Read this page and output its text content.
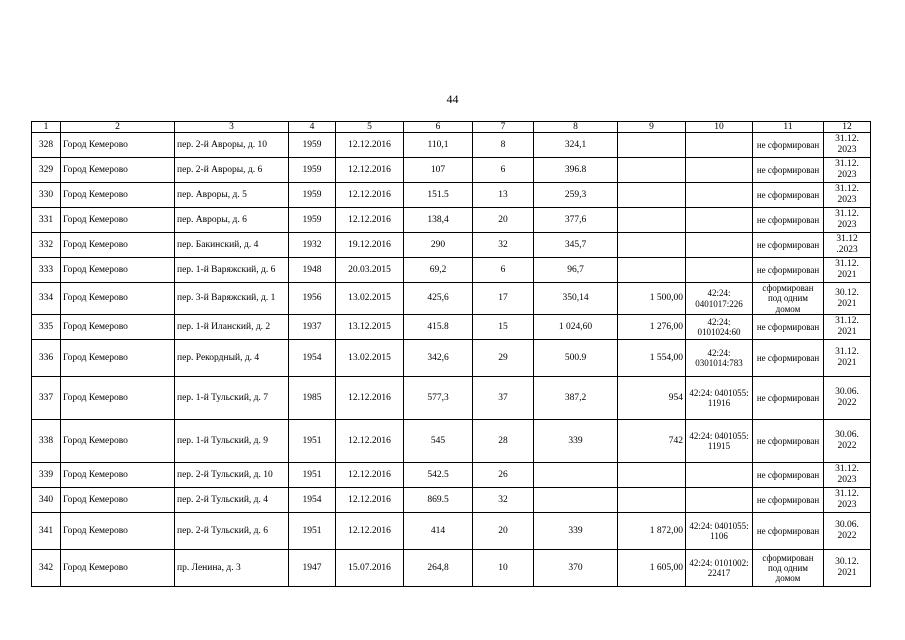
44
1	2	3	4	5	6	7	8	9	10	11	12
328	Город Кемерово	пер. 2-й Авроры, д. 10	1959	12.12.2016	110,1	8	324,1			не сформирован	31.12. 2023
329	Город Кемерово	пер. 2-й Авроры, д. 6	1959	12.12.2016	107	6	396.8			не сформирован	31.12. 2023
330	Город Кемерово	пер. Авроры, д. 5	1959	12.12.2016	151.5	13	259,3			не сформирован	31.12. 2023
331	Город Кемерово	пер. Авроры, д. 6	1959	12.12.2016	138,4	20	377,6			не сформирован	31.12. 2023
332	Город Кемерово	пер. Бакинский, д. 4	1932	19.12.2016	290	32	345,7			не сформирован	31.12 .2023
333	Город Кемерово	пер. 1-й Варяжский, д. 6	1948	20.03.2015	69,2	6	96,7			не сформирован	31.12. 2021
334	Город Кемерово	пер. 3-й Варяжский, д. 1	1956	13.02.2015	425,6	17	350,14	1 500,00	42:24: 0401017:226	сформирован под одним домом	30.12. 2021
335	Город Кемерово	пер. 1-й Иланский, д. 2	1937	13.12.2015	415.8	15	1 024,60	1 276,00	42:24: 0101024:60	не сформирован	31.12. 2021
336	Город Кемерово	пер. Рекордный, д. 4	1954	13.02.2015	342,6	29	500.9	1 554,00	42:24: 0301014:783	не сформирован	31.12. 2021
337	Город Кемерово	пер. 1-й Тульский, д. 7	1985	12.12.2016	577,3	37	387,2	954	42:24: 0401055: 11916	не сформирован	30.06. 2022
338	Город Кемерово	пер. 1-й Тульский, д. 9	1951	12.12.2016	545	28	339	742	42:24: 0401055: 11915	не сформирован	30.06. 2022
339	Город Кемерово	пер. 2-й Тульский, д. 10	1951	12.12.2016	542.5	26				не сформирован	31.12. 2023
340	Город Кемерово	пер. 2-й Тульский, д. 4	1954	12.12.2016	869.5	32				не сформирован	31.12. 2023
341	Город Кемерово	пер. 2-й Тульский, д. 6	1951	12.12.2016	414	20	339	1 872,00	42:24: 0401055: 1106	не сформирован	30.06. 2022
342	Город Кемерово	пр. Ленина, д. 3	1947	15.07.2016	264,8	10	370	1 605,00	42:24: 0101002: 22417	сформирован под одним домом	30.12. 2021
